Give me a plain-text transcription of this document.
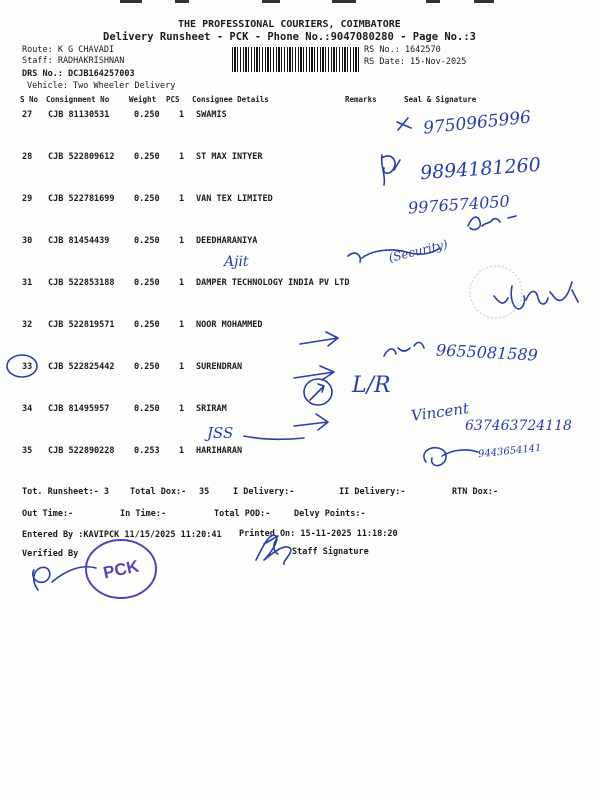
THE PROFESSIONAL COURIERS, COIMBATORE
Delivery Runsheet - PCK - Phone No.:9047080280 - Page No.:3
Route: K G CHAVADI
Staff: RADHAKRISHNAN
DRS No.: DCJB164257003
Vehicle: Two Wheeler Delivery
RS No.: 1642570
RS Date: 15-Nov-2025
S No Consignment No	Weight PCS Consignee Details	Remarks	Seal & Signature
27 CJB 81130531	0.250 1 SWAMIS
28 CJB 522809612 0.250 1 ST MAX INTYER
29 CJB 522781699 0.250 1 VAN TEX LIMITED
30 CJB 81454439	0.250 1 DEEDHARANIYA
31 CJB 522853188 0.250 1 DAMPER TECHNOLOGY INDIA PV LTD
32 CJB 522819571 0.250 1 NOOR MOHAMMED
33 CJB 522825442 0.250 1 SURENDRAN
34 CJB 81495957	0.250 1 SRIRAM
35 CJB 522890228 0.253 1 HARIHARAN
Tot. Runsheet:- 3 Total Dox:- 35	I Delivery:-	II Delivery:-	RTN Dox:-
Out Time:-	In Time:-	Total POD:-	Delvy Points:-
Entered By :KAVIPCK 11/15/2025 11:20:41 Printed On: 15-11-2025 11:18:20
Verified By	Staff Signature
9750965996
9894181260
9976574050
Ajit	(Security)
L/R
9655081589
Vincent
637463724118
JSS
9443654141
PCK
